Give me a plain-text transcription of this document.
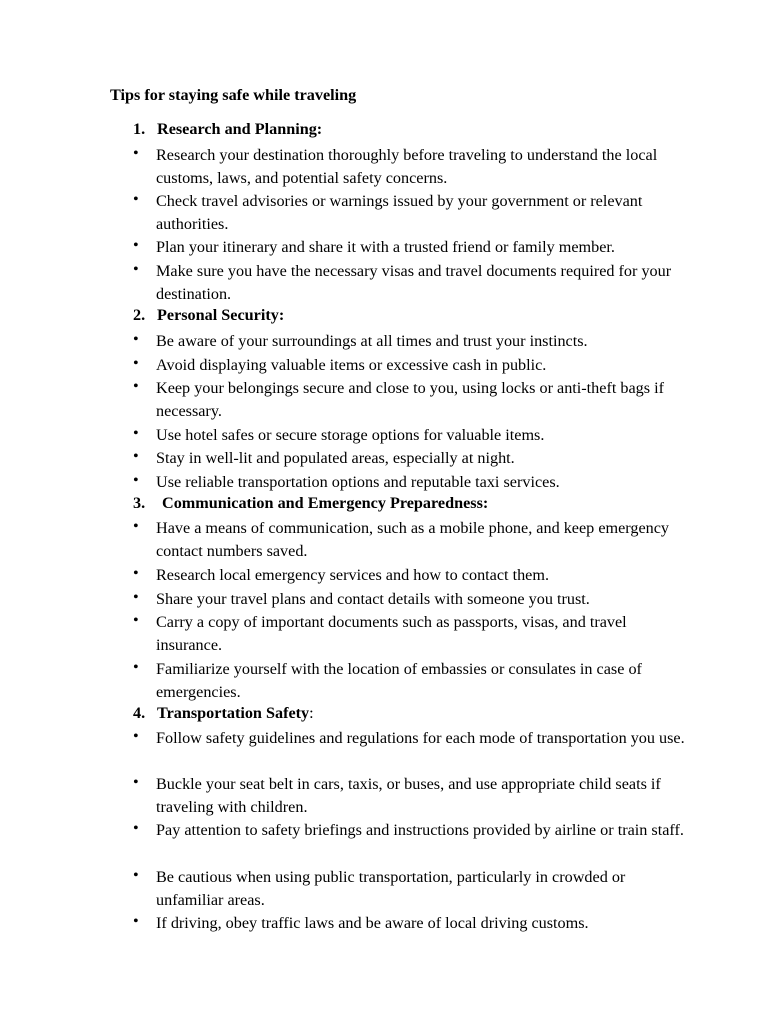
Tips for staying safe while traveling
1. Research and Planning:
•	Research your destination thoroughly before traveling to understand the local customs, laws, and potential safety concerns.
•	Check travel advisories or warnings issued by your government or relevant authorities.
•	Plan your itinerary and share it with a trusted friend or family member.
•	Make sure you have the necessary visas and travel documents required for your destination.
2. Personal Security:
•	Be aware of your surroundings at all times and trust your instincts.
•	Avoid displaying valuable items or excessive cash in public.
•	Keep your belongings secure and close to you, using locks or anti-theft bags if necessary.
•	Use hotel safes or secure storage options for valuable items.
•	Stay in well-lit and populated areas, especially at night.
•	Use reliable transportation options and reputable taxi services.
3. Communication and Emergency Preparedness:
•	Have a means of communication, such as a mobile phone, and keep emergency contact numbers saved.
•	Research local emergency services and how to contact them.
•	Share your travel plans and contact details with someone you trust.
•	Carry a copy of important documents such as passports, visas, and travel insurance.
•	Familiarize yourself with the location of embassies or consulates in case of emergencies.
4. Transportation Safety:
•	Follow safety guidelines and regulations for each mode of transportation you use.
•	Buckle your seat belt in cars, taxis, or buses, and use appropriate child seats if traveling with children.
•	Pay attention to safety briefings and instructions provided by airline or train staff.
•	Be cautious when using public transportation, particularly in crowded or unfamiliar areas.
•	If driving, obey traffic laws and be aware of local driving customs.
